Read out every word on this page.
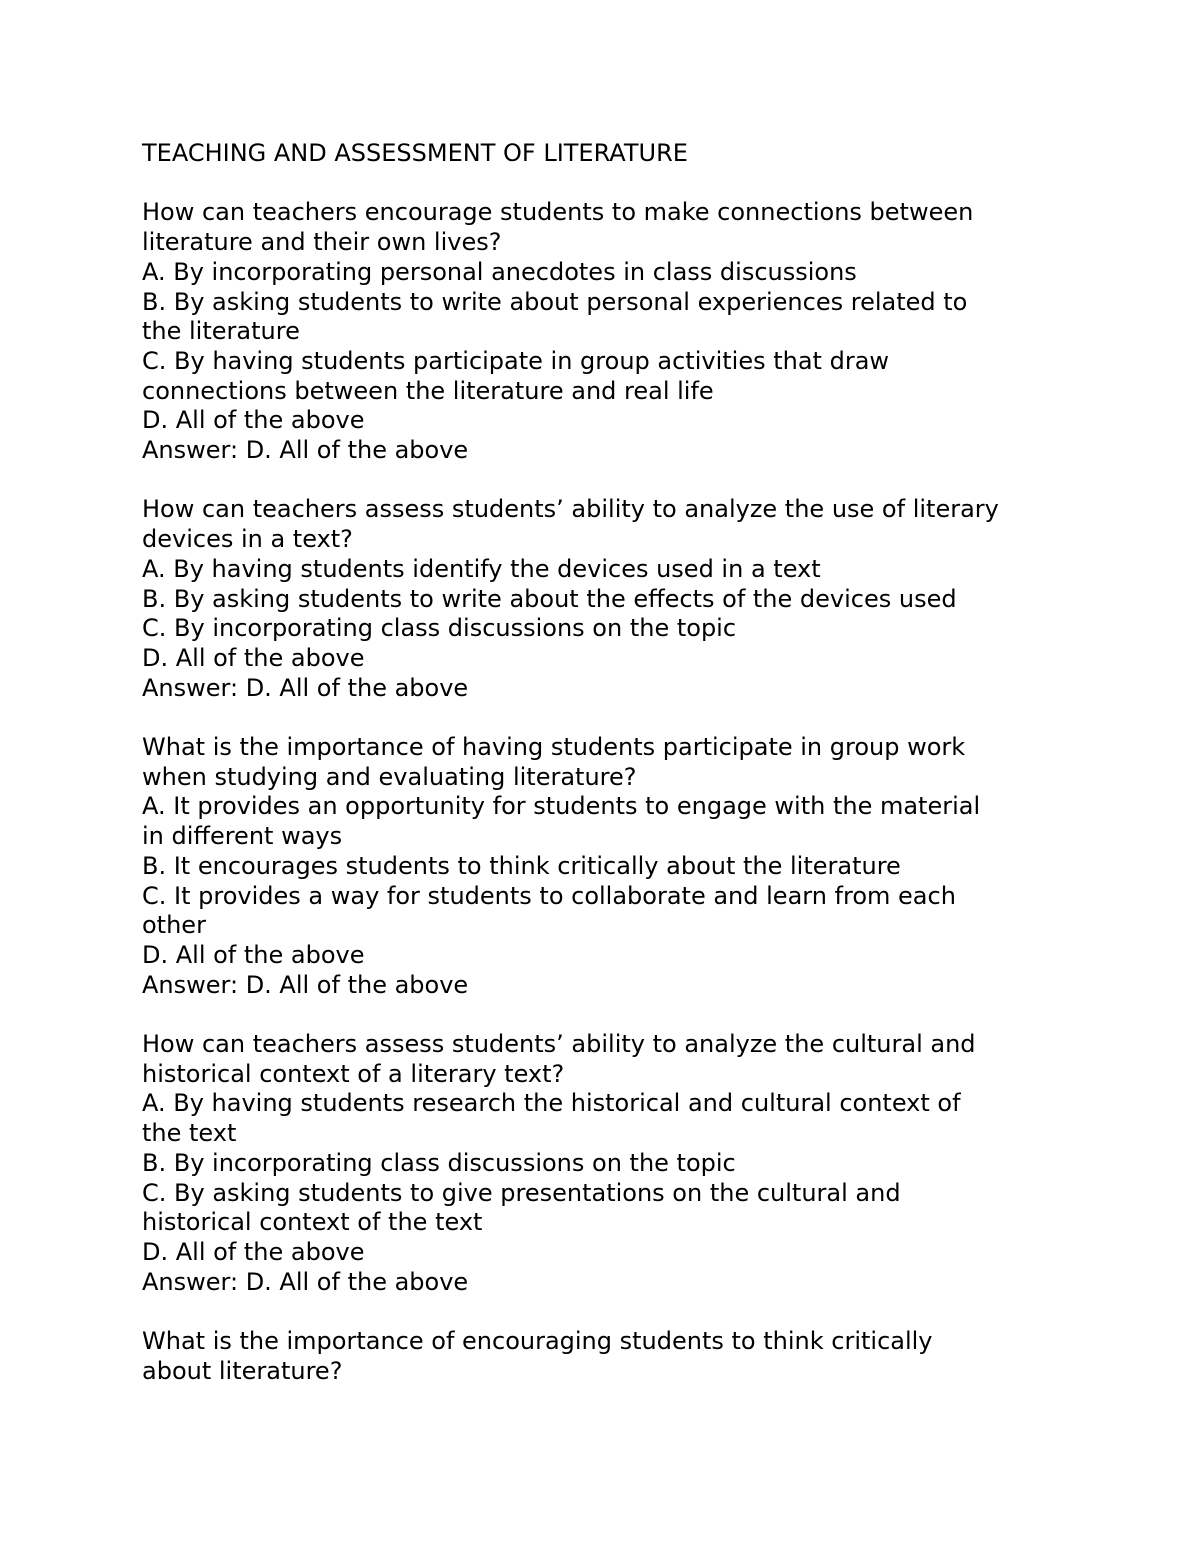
TEACHING AND ASSESSMENT OF LITERATURE
How can teachers encourage students to make connections between
literature and their own lives?
A. By incorporating personal anecdotes in class discussions
B. By asking students to write about personal experiences related to
the literature
C. By having students participate in group activities that draw
connections between the literature and real life
D. All of the above
Answer: D. All of the above
How can teachers assess students’ ability to analyze the use of literary
devices in a text?
A. By having students identify the devices used in a text
B. By asking students to write about the effects of the devices used
C. By incorporating class discussions on the topic
D. All of the above
Answer: D. All of the above
What is the importance of having students participate in group work
when studying and evaluating literature?
A. It provides an opportunity for students to engage with the material
in different ways
B. It encourages students to think critically about the literature
C. It provides a way for students to collaborate and learn from each
other
D. All of the above
Answer: D. All of the above
How can teachers assess students’ ability to analyze the cultural and
historical context of a literary text?
A. By having students research the historical and cultural context of
the text
B. By incorporating class discussions on the topic
C. By asking students to give presentations on the cultural and
historical context of the text
D. All of the above
Answer: D. All of the above
What is the importance of encouraging students to think critically
about literature?
